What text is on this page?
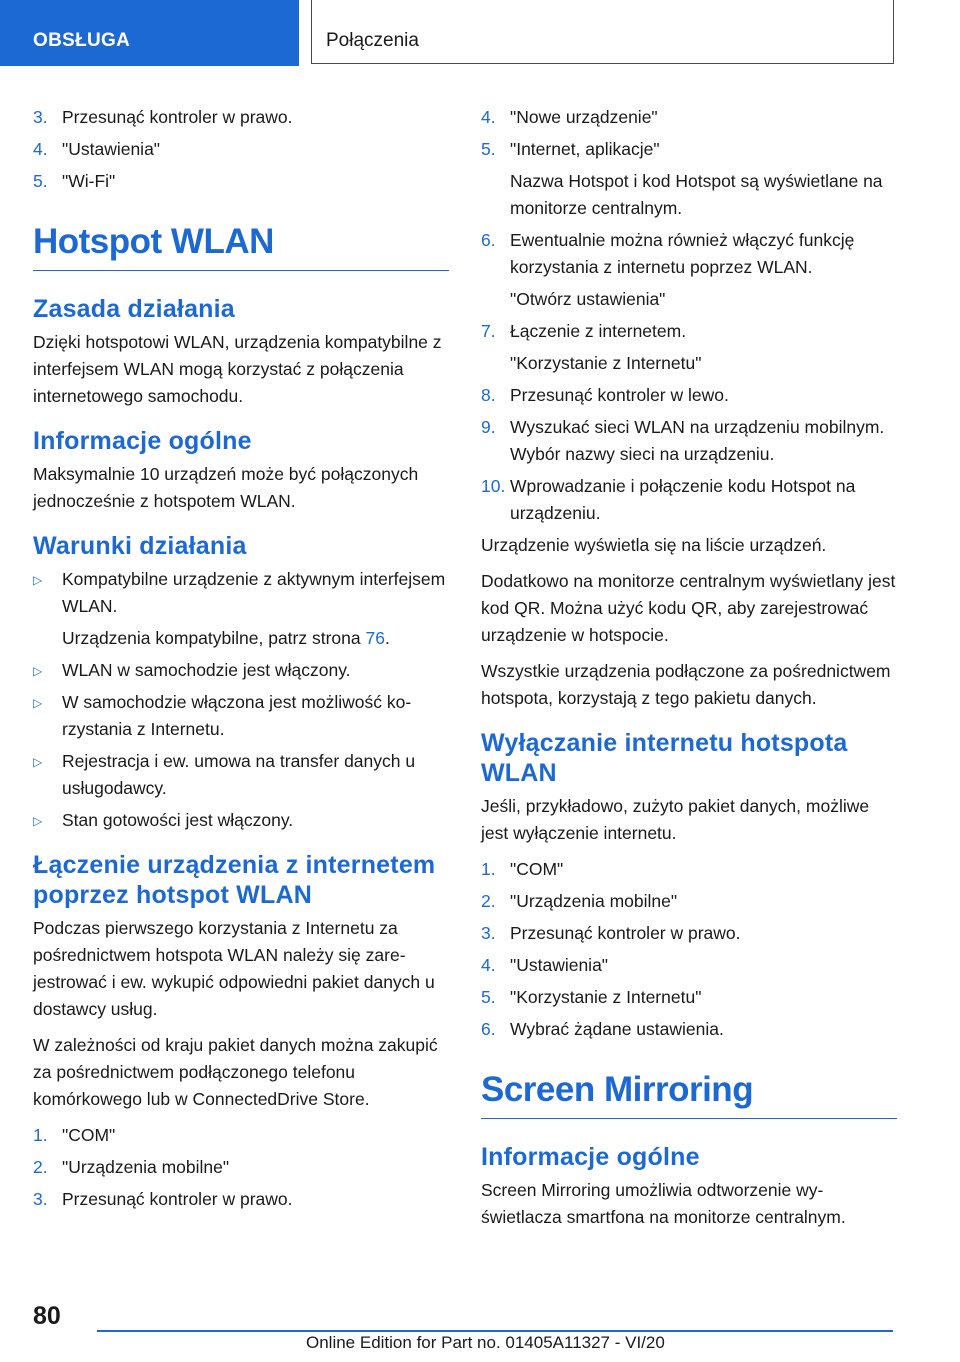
OBSŁUGA	Połączenia
3. Przesunąć kontroler w prawo.
4. "Ustawienia"
5. "Wi-Fi"
Hotspot WLAN
Zasada działania

Dzięki hotspotowi WLAN, urządzenia kompatybilne z interfejsem WLAN mogą korzystać z połączenia internetowego samochodu.

Informacje ogólne

Maksymalnie 10 urządzeń może być połączonych jednocześnie z hotspotem WLAN.

Warunki działania
▷ Kompatybilne urządzenie z aktywnym interfejsem WLAN.
Urządzenia kompatybilne, patrz strona 76.
▷ WLAN w samochodzie jest włączony.
▷ W samochodzie włączona jest możliwość korzystania z Internetu.
▷ Rejestracja i ew. umowa na transfer danych u usługodawcy.
▷ Stan gotowości jest włączony.
Łączenie urządzenia z internetem poprzez hotspot WLAN

Podczas pierwszego korzystania z Internetu za pośrednictwem hotspota WLAN należy się zarejestrować i ew. wykupić odpowiedni pakiet danych u dostawcy usług.

W zależności od kraju pakiet danych można zakupić za pośrednictwem podłączonego telefonu komórkowego lub w ConnectedDrive Store.

1. "COM"
2. "Urządzenia mobilne"
3. Przesunąć kontroler w prawo.
4. "Nowe urządzenie"
5. "Internet, aplikacje"
Nazwa Hotspot i kod Hotspot są wyświetlane na monitorze centralnym.
6. Ewentualnie można również włączyć funkcję korzystania z internetu poprzez WLAN.
"Otwórz ustawienia"
7. Łączenie z internetem.
"Korzystanie z Internetu"
8. Przesunąć kontroler w lewo.
9. Wyszukać sieci WLAN na urządzeniu mobilnym. Wybór nazwy sieci na urządzeniu.
10. Wprowadzanie i połączenie kodu Hotspot na urządzeniu.

Urządzenie wyświetla się na liście urządzeń.

Dodatkowo na monitorze centralnym wyświetlany jest kod QR. Można użyć kodu QR, aby zarejestrować urządzenie w hotspocie.

Wszystkie urządzenia podłączone za pośrednictwem hotspota, korzystają z tego pakietu danych.

Wyłączanie internetu hotspota WLAN

Jeśli, przykładowo, zużyto pakiet danych, możliwe jest wyłączenie internetu.

1. "COM"
2. "Urządzenia mobilne"
3. Przesunąć kontroler w prawo.
4. "Ustawienia"
5. "Korzystanie z Internetu"
6. Wybrać żądane ustawienia.
Screen Mirroring
Informacje ogólne

Screen Mirroring umożliwia odtworzenie wyświetlacza smartfona na monitorze centralnym.

80
Online Edition for Part no. 01405A11327 - VI/20
